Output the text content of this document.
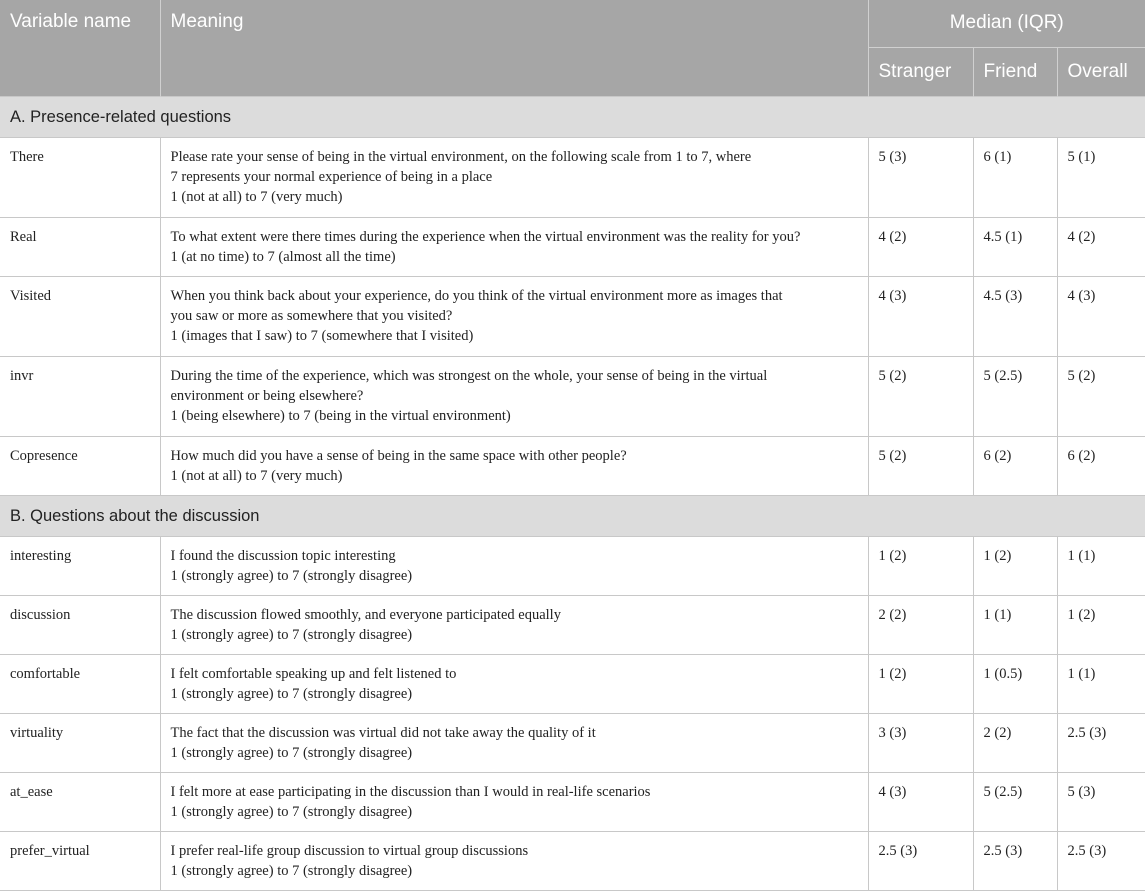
Variable name	Meaning	Median (IQR)		
		Stranger	Friend	Overall
A. Presence-related questions				
There	Please rate your sense of being in the virtual environment, on the following scale from 1 to 7, where
7 represents your normal experience of being in a place
1 (not at all) to 7 (very much)	5 (3)	6 (1)	5 (1)
Real	To what extent were there times during the experience when the virtual environment was the reality for you?
1 (at no time) to 7 (almost all the time)	4 (2)	4.5 (1)	4 (2)
Visited	When you think back about your experience, do you think of the virtual environment more as images that
you saw or more as somewhere that you visited?
1 (images that I saw) to 7 (somewhere that I visited)	4 (3)	4.5 (3)	4 (3)
invr	During the time of the experience, which was strongest on the whole, your sense of being in the virtual
environment or being elsewhere?
1 (being elsewhere) to 7 (being in the virtual environment)	5 (2)	5 (2.5)	5 (2)
Copresence	How much did you have a sense of being in the same space with other people?
1 (not at all) to 7 (very much)	5 (2)	6 (2)	6 (2)
B. Questions about the discussion				
interesting	I found the discussion topic interesting
1 (strongly agree) to 7 (strongly disagree)	1 (2)	1 (2)	1 (1)
discussion	The discussion flowed smoothly, and everyone participated equally
1 (strongly agree) to 7 (strongly disagree)	2 (2)	1 (1)	1 (2)
comfortable	I felt comfortable speaking up and felt listened to
1 (strongly agree) to 7 (strongly disagree)	1 (2)	1 (0.5)	1 (1)
virtuality	The fact that the discussion was virtual did not take away the quality of it
1 (strongly agree) to 7 (strongly disagree)	3 (3)	2 (2)	2.5 (3)
at_ease	I felt more at ease participating in the discussion than I would in real-life scenarios
1 (strongly agree) to 7 (strongly disagree)	4 (3)	5 (2.5)	5 (3)
prefer_virtual	I prefer real-life group discussion to virtual group discussions
1 (strongly agree) to 7 (strongly disagree)	2.5 (3)	2.5 (3)	2.5 (3)
